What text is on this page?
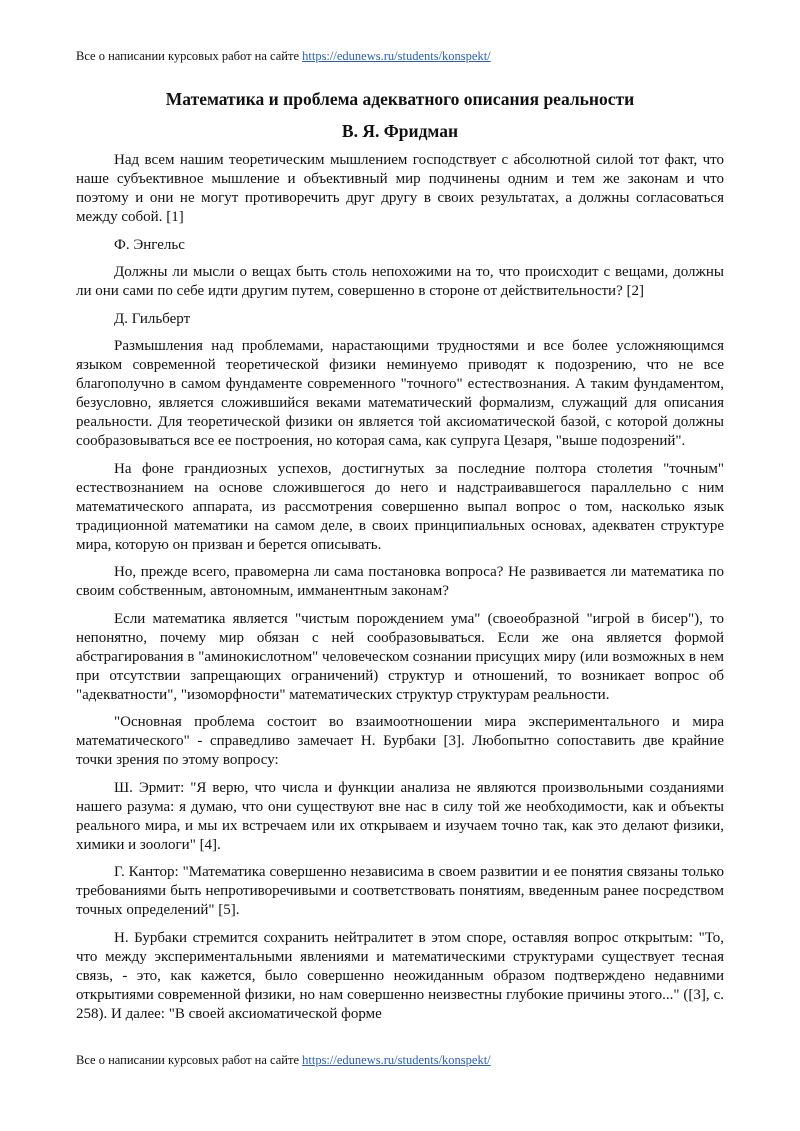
Все о написании курсовых работ на сайте https://edunews.ru/students/konspekt/
Математика и проблема адекватного описания реальности
В. Я. Фридман

Над всем нашим теоретическим мышлением господствует с абсолютной силой тот факт, что наше субъективное мышление и объективный мир подчинены одним и тем же законам и что поэтому и они не могут противоречить друг другу в своих результатах, а должны согласоваться между собой. [1]

Ф. Энгельс

Должны ли мысли о вещах быть столь непохожими на то, что происходит с вещами, должны ли они сами по себе идти другим путем, совершенно в стороне от действительности? [2]

Д. Гильберт

Размышления над проблемами, нарастающими трудностями и все более усложняющимся языком современной теоретической физики неминуемо приводят к подозрению, что не все благополучно в самом фундаменте современного "точного" естествознания. А таким фундаментом, безусловно, является сложившийся веками математический формализм, служащий для описания реальности. Для теоретической физики он является той аксиоматической базой, с которой должны сообразовываться все ее построения, но которая сама, как супруга Цезаря, "выше подозрений".

На фоне грандиозных успехов, достигнутых за последние полтора столетия "точным" естествознанием на основе сложившегося до него и надстраивавшегося параллельно с ним математического аппарата, из рассмотрения совершенно выпал вопрос о том, насколько язык традиционной математики на самом деле, в своих принципиальных основах, адекватен структуре мира, которую он призван и берется описывать.

Но, прежде всего, правомерна ли сама постановка вопроса? Не развивается ли математика по своим собственным, автономным, имманентным законам?

Если математика является "чистым порождением ума" (своеобразной "игрой в бисер"), то непонятно, почему мир обязан с ней сообразовываться. Если же она является формой абстрагирования в "аминокислотном" человеческом сознании присущих миру (или возможных в нем при отсутствии запрещающих ограничений) структур и отношений, то возникает вопрос об "адекватности", "изоморфности" математических структур структурам реальности.

"Основная проблема состоит во взаимоотношении мира экспериментального и мира математического" - справедливо замечает Н. Бурбаки [3]. Любопытно сопоставить две крайние точки зрения по этому вопросу:

Ш. Эрмит: "Я верю, что числа и функции анализа не являются произвольными созданиями нашего разума: я думаю, что они существуют вне нас в силу той же необходимости, как и объекты реального мира, и мы их встречаем или их открываем и изучаем точно так, как это делают физики, химики и зоологи" [4].

Г. Кантор: "Математика совершенно независима в своем развитии и ее понятия связаны только требованиями быть непротиворечивыми и соответствовать понятиям, введенным ранее посредством точных определений" [5].

Н. Бурбаки стремится сохранить нейтралитет в этом споре, оставляя вопрос открытым: "То, что между экспериментальными явлениями и математическими структурами существует тесная связь, - это, как кажется, было совершенно неожиданным образом подтверждено недавними открытиями современной физики, но нам совершенно неизвестны глубокие причины этого..." ([3], с. 258). И далее: "В своей аксиоматической форме

Все о написании курсовых работ на сайте https://edunews.ru/students/konspekt/
